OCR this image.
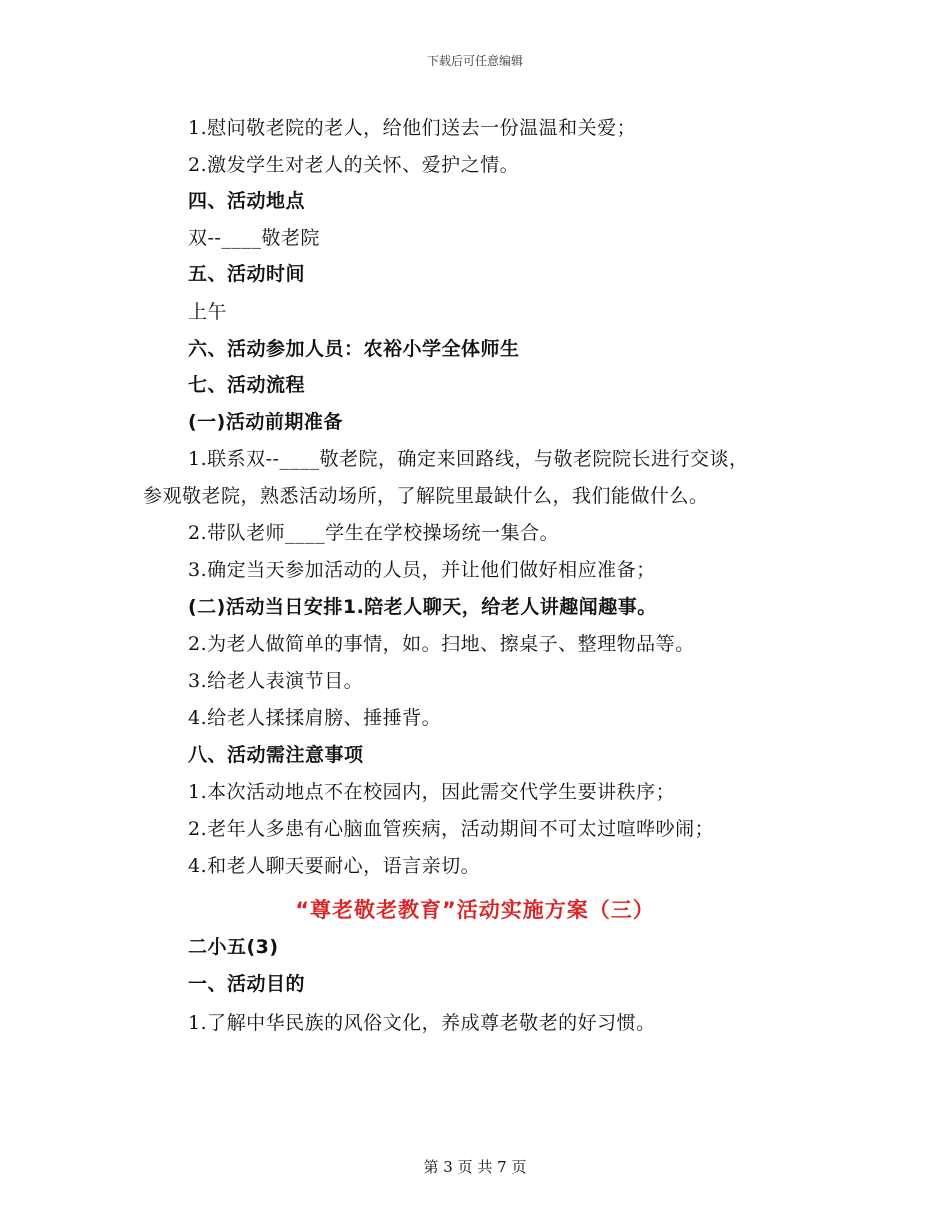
下载后可任意编辑
1.慰问敬老院的老人，给他们送去一份温温和关爱；
2.激发学生对老人的关怀、爱护之情。
四、活动地点
双--____敬老院
五、活动时间
上午
六、活动参加人员：农裕小学全体师生
七、活动流程
(一)活动前期准备
1.联系双--____敬老院，确定来回路线，与敬老院院长进行交谈，
参观敬老院，熟悉活动场所，了解院里最缺什么，我们能做什么。
2.带队老师____学生在学校操场统一集合。
3.确定当天参加活动的人员，并让他们做好相应准备；
(二)活动当日安排1.陪老人聊天，给老人讲趣闻趣事。
2.为老人做简单的事情，如。扫地、擦桌子、整理物品等。
3.给老人表演节目。
4.给老人揉揉肩膀、捶捶背。
八、活动需注意事项
1.本次活动地点不在校园内，因此需交代学生要讲秩序；
2.老年人多患有心脑血管疾病，活动期间不可太过喧哗吵闹；
4.和老人聊天要耐心，语言亲切。
“尊老敬老教育”活动实施方案（三）
二小五(3)
一、活动目的
1.了解中华民族的风俗文化，养成尊老敬老的好习惯。
第 3 页 共 7 页
